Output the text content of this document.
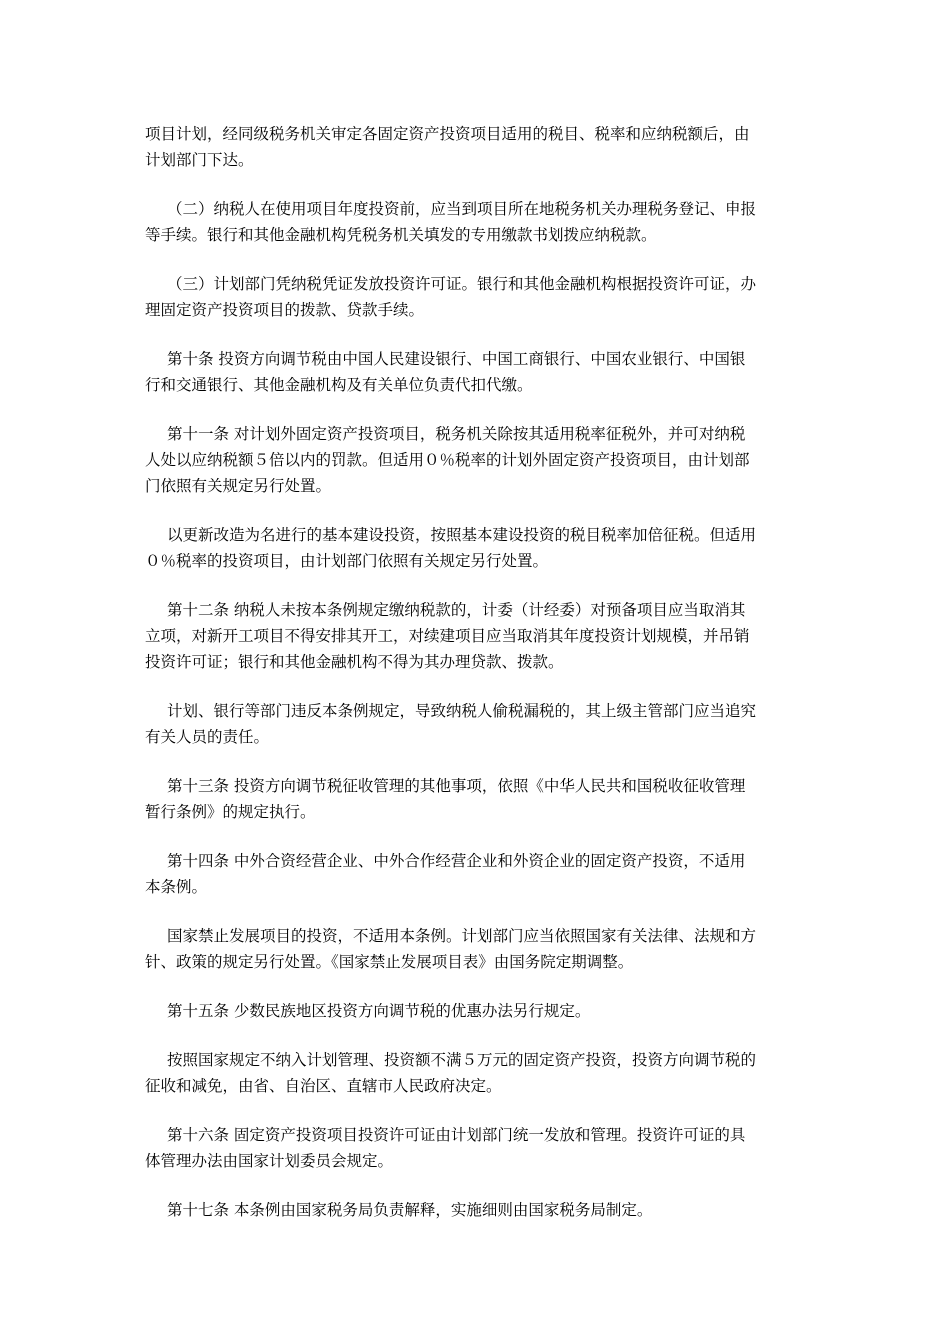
项目计划，经同级税务机关审定各固定资产投资项目适用的税目、税率和应纳税额后，由
计划部门下达。
（二）纳税人在使用项目年度投资前，应当到项目所在地税务机关办理税务登记、申报
等手续。银行和其他金融机构凭税务机关填发的专用缴款书划拨应纳税款。
（三）计划部门凭纳税凭证发放投资许可证。银行和其他金融机构根据投资许可证，办
理固定资产投资项目的拨款、贷款手续。
第十条 投资方向调节税由中国人民建设银行、中国工商银行、中国农业银行、中国银
行和交通银行、其他金融机构及有关单位负责代扣代缴。
第十一条 对计划外固定资产投资项目，税务机关除按其适用税率征税外，并可对纳税
人处以应纳税额５倍以内的罚款。但适用０％税率的计划外固定资产投资项目，由计划部
门依照有关规定另行处置。
以更新改造为名进行的基本建设投资，按照基本建设投资的税目税率加倍征税。但适用
０％税率的投资项目，由计划部门依照有关规定另行处置。
第十二条 纳税人未按本条例规定缴纳税款的，计委（计经委）对预备项目应当取消其
立项，对新开工项目不得安排其开工，对续建项目应当取消其年度投资计划规模，并吊销
投资许可证；银行和其他金融机构不得为其办理贷款、拨款。
计划、银行等部门违反本条例规定，导致纳税人偷税漏税的，其上级主管部门应当追究
有关人员的责任。
第十三条 投资方向调节税征收管理的其他事项，依照《中华人民共和国税收征收管理
暂行条例》的规定执行。
第十四条 中外合资经营企业、中外合作经营企业和外资企业的固定资产投资，不适用
本条例。
国家禁止发展项目的投资，不适用本条例。计划部门应当依照国家有关法律、法规和方
针、政策的规定另行处置。《国家禁止发展项目表》由国务院定期调整。
第十五条 少数民族地区投资方向调节税的优惠办法另行规定。
按照国家规定不纳入计划管理、投资额不满５万元的固定资产投资，投资方向调节税的
征收和减免，由省、自治区、直辖市人民政府决定。
第十六条 固定资产投资项目投资许可证由计划部门统一发放和管理。投资许可证的具
体管理办法由国家计划委员会规定。
第十七条 本条例由国家税务局负责解释，实施细则由国家税务局制定。
